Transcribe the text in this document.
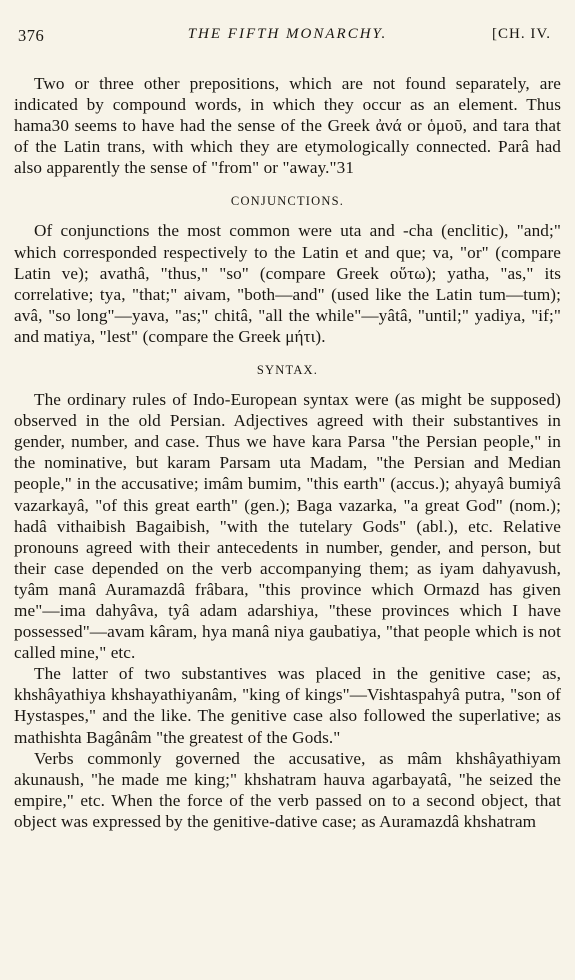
376	THE FIFTH MONARCHY.	[CH. IV.

Two or three other prepositions, which are not found separately, are indicated by compound words, in which they occur as an element. Thus hama30 seems to have had the sense of the Greek ἀνά or ὁμοῦ, and tara that of the Latin trans, with which they are etymologically connected. Parâ had also apparently the sense of "from" or "away."31

CONJUNCTIONS.

Of conjunctions the most common were uta and -cha (enclitic), "and;" which corresponded respectively to the Latin et and que; va, "or" (compare Latin ve); avathâ, "thus," "so" (compare Greek οὕτω); yatha, "as," its correlative; tya, "that;" aivam, "both—and" (used like the Latin tum—tum); avâ, "so long"—yava, "as;" chitâ, "all the while"—yâtâ, "until;" yadiya, "if;" and matiya, "lest" (compare the Greek μήτι).

SYNTAX.

The ordinary rules of Indo-European syntax were (as might be supposed) observed in the old Persian. Adjectives agreed with their substantives in gender, number, and case. Thus we have kara Parsa "the Persian people," in the nominative, but karam Parsam uta Madam, "the Persian and Median people," in the accusative; imâm bumim, "this earth" (accus.); ahyayâ bumiyâ vazarkayâ, "of this great earth" (gen.); Baga vazarka, "a great God" (nom.); hadâ vithaibish Bagaibish, "with the tutelary Gods" (abl.), etc. Relative pronouns agreed with their antecedents in number, gender, and person, but their case depended on the verb accompanying them; as iyam dahyavush, tyâm manâ Auramazdâ frâbara, "this province which Ormazd has given me"—ima dahyâva, tyâ adam adarshiya, "these provinces which I have possessed"—avam kâram, hya manâ niya gaubatiya, "that people which is not called mine," etc.

The latter of two substantives was placed in the genitive case; as, khshâyathiya khshayathiyanâm, "king of kings"—Vishtaspahyâ putra, "son of Hystaspes," and the like. The genitive case also followed the superlative; as mathishta Bagânâm "the greatest of the Gods."

Verbs commonly governed the accusative, as mâm khshâyathiyam akunaush, "he made me king;" khshatram hauva agarbayatâ, "he seized the empire," etc. When the force of the verb passed on to a second object, that object was expressed by the genitive-dative case; as Auramazdâ khshatram
